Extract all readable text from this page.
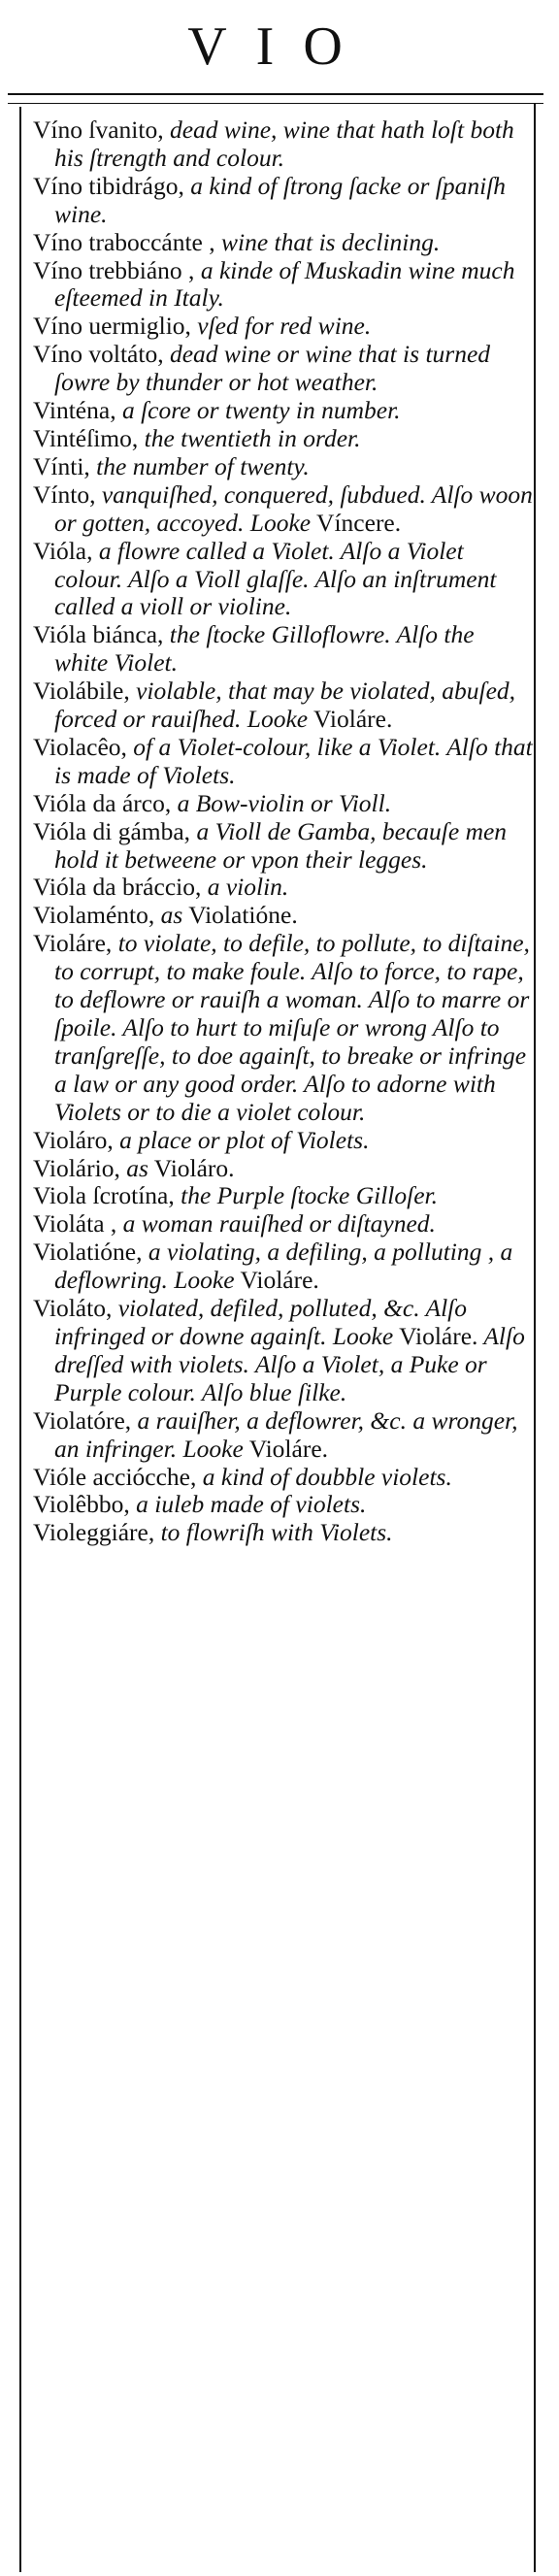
VIO

Víno ſvanito, dead wine, wine that hath loſt both his ſtrength and colour.

Víno tibidrágo, a kind of ſtrong ſacke or ſpaniſh wine.

Víno traboccánte , wine that is declining.

Víno trebbiáno , a kinde of Muskadin wine much eſteemed in Italy.

Víno uermiglio, vſed for red wine.

Víno voltáto, dead wine or wine that is turned ſowre by thunder or hot weather.

Vinténa, a ſcore or twenty in number.

Vintéſimo, the twentieth in order.

Vínti, the number of twenty.

Vínto, vanquiſhed, conquered, ſubdued. Alſo woon or gotten, accoyed. Looke Víncere.

Vióla, a flowre called a Violet. Alſo a Violet colour. Alſo a Violl glaſſe. Alſo an inſtrument called a violl or violine.

Vióla biánca, the ſtocke Gilloflowre. Alſo the white Violet.

Violábile, violable, that may be violated, abuſed, forced or rauiſhed. Looke Violáre.

Violacêo, of a Violet-colour, like a Violet. Alſo that is made of Violets.

Vióla da árco, a Bow-violin or Violl.

Vióla di gámba, a Violl de Gamba, becauſe men hold it betweene or vpon their legges.

Vióla da bráccio, a violin.

Violaménto, as Violatióne.

Violáre, to violate, to defile, to pollute, to diſtaine, to corrupt, to make foule. Alſo to force, to rape, to deflowre or rauiſh a woman. Alſo to marre or ſpoile. Alſo to hurt to miſuſe or wrong Alſo to tranſgreſſe, to doe againſt, to breake or infringe a law or any good order. Alſo to adorne with Violets or to die a violet colour.

Violáro, a place or plot of Violets.

Violário, as Violáro.

Viola ſcrotína, the Purple ſtocke Gilloſer.

Violáta , a woman rauiſhed or diſtayned.

Violatióne, a violating, a defiling, a polluting , a deflowring. Looke Violáre.

Violáto, violated, defiled, polluted, &c. Alſo infringed or downe againſt. Looke Violáre. Alſo dreſſed with violets. Alſo a Violet, a Puke or Purple colour. Alſo blue ſilke.

Violatóre, a rauiſher, a deflowrer, &c. a wronger, an infringer. Looke Violáre.

Vióle acciócche, a kind of doubble violets.

Violêbbo, a iuleb made of violets.

Violeggiáre, to flowriſh with Violets.
